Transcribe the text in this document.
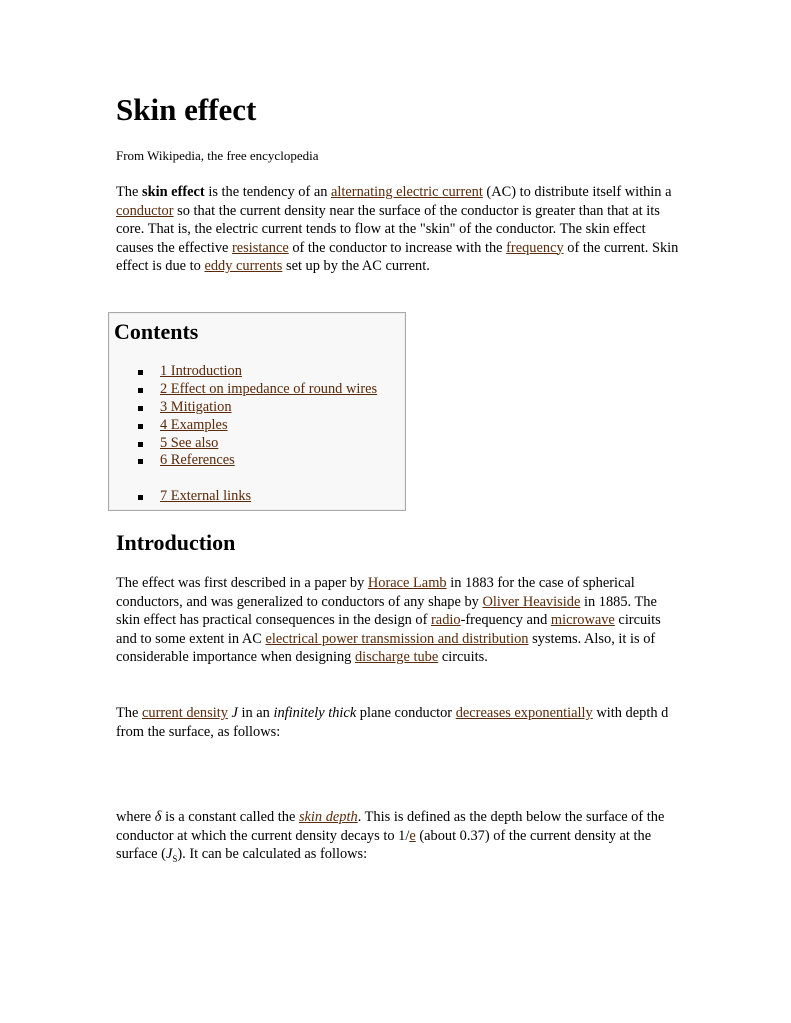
Skin effect

From Wikipedia, the free encyclopedia

The skin effect is the tendency of an alternating electric current (AC) to distribute itself within a conductor so that the current density near the surface of the conductor is greater than that at its core. That is, the electric current tends to flow at the "skin" of the conductor. The skin effect causes the effective resistance of the conductor to increase with the frequency of the current. Skin effect is due to eddy currents set up by the AC current.

Contents
1 Introduction
2 Effect on impedance of round wires
3 Mitigation
4 Examples
5 See also
6 References
7 External links
Introduction

The effect was first described in a paper by Horace Lamb in 1883 for the case of spherical conductors, and was generalized to conductors of any shape by Oliver Heaviside in 1885. The skin effect has practical consequences in the design of radio-frequency and microwave circuits and to some extent in AC electrical power transmission and distribution systems. Also, it is of considerable importance when designing discharge tube circuits.

The current density J in an infinitely thick plane conductor decreases exponentially with depth d from the surface, as follows:

where δ is a constant called the skin depth. This is defined as the depth below the surface of the conductor at which the current density decays to 1/e (about 0.37) of the current density at the surface $(J_S)$. It can be calculated as follows:
